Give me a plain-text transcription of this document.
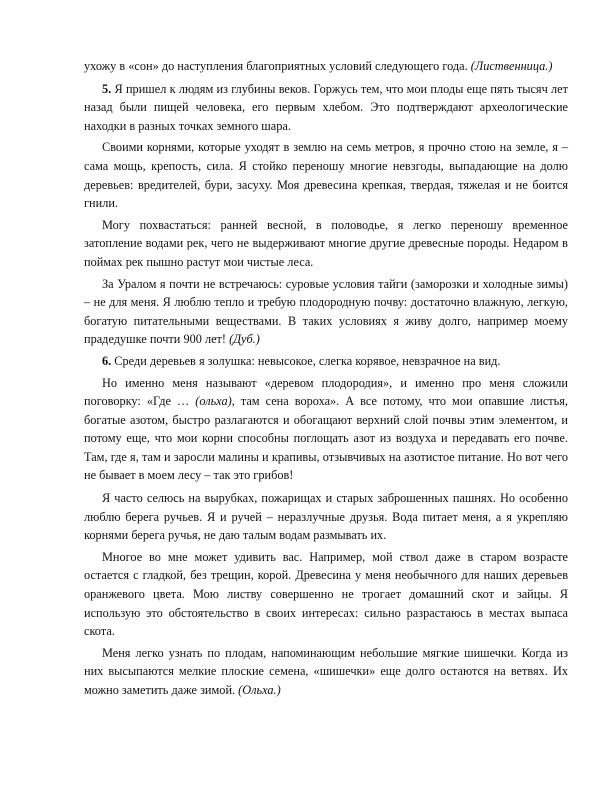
ухожу в «сон» до наступления благоприятных условий следующего года. (Лиственница.)

5. Я пришел к людям из глубины веков. Горжусь тем, что мои плоды еще пять тысяч лет назад были пищей человека, его первым хлебом. Это подтверждают археологические находки в разных точках земного шара.

Своими корнями, которые уходят в землю на семь метров, я прочно стою на земле, я – сама мощь, крепость, сила. Я стойко переношу многие невзгоды, выпадающие на долю деревьев: вредителей, бури, засуху. Моя древесина крепкая, твердая, тяжелая и не боится гнили.

Могу похвастаться: ранней весной, в половодье, я легко переношу временное затопление водами рек, чего не выдерживают многие другие древесные породы. Недаром в поймах рек пышно растут мои чистые леса.

За Уралом я почти не встречаюсь: суровые условия тайги (заморозки и холодные зимы) – не для меня. Я люблю тепло и требую плодородную почву: достаточно влажную, легкую, богатую питательными веществами. В таких условиях я живу долго, например моему прадедушке почти 900 лет! (Дуб.)

6. Среди деревьев я золушка: невысокое, слегка корявое, невзрачное на вид.

Но именно меня называют «деревом плодородия», и именно про меня сложили поговорку: «Где … (ольха), там сена вороха». А все потому, что мои опавшие листья, богатые азотом, быстро разлагаются и обогащают верхний слой почвы этим элементом, и потому еще, что мои корни способны поглощать азот из воздуха и передавать его почве. Там, где я, там и заросли малины и крапивы, отзывчивых на азотистое питание. Но вот чего не бывает в моем лесу – так это грибов!

Я часто селюсь на вырубках, пожарищах и старых заброшенных пашнях. Но особенно люблю берега ручьев. Я и ручей – неразлучные друзья. Вода питает меня, а я укрепляю корнями берега ручья, не даю талым водам размывать их.

Многое во мне может удивить вас. Например, мой ствол даже в старом возрасте остается с гладкой, без трещин, корой. Древесина у меня необычного для наших деревьев оранжевого цвета. Мою листву совершенно не трогает домашний скот и зайцы. Я использую это обстоятельство в своих интересах: сильно разрастаюсь в местах выпаса скота.

Меня легко узнать по плодам, напоминающим небольшие мягкие шишечки. Когда из них высыпаются мелкие плоские семена, «шишечки» еще долго остаются на ветвях. Их можно заметить даже зимой. (Ольха.)
